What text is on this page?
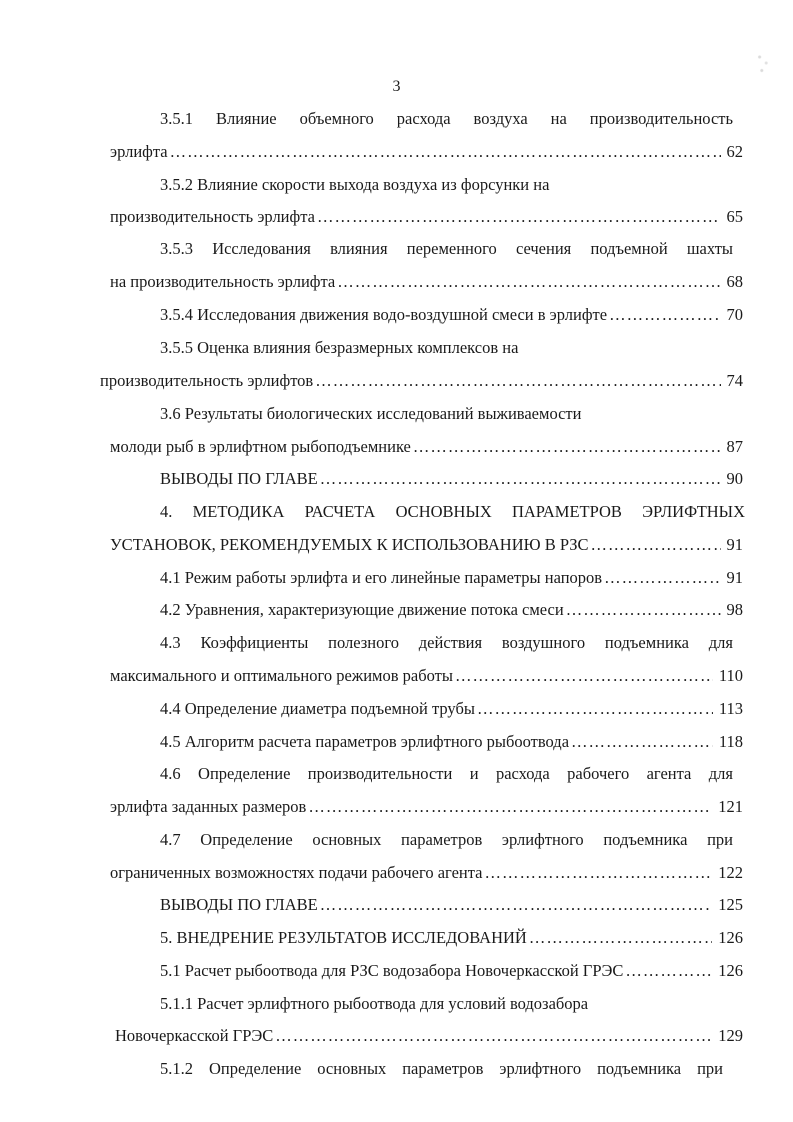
3
3.5.1 Влияние объемного расхода воздуха на производительность
эрлифта ……………………………………………………………………………………………………………………………………………………	62
3.5.2 Влияние скорости выхода воздуха из форсунки на
производительность эрлифта ……………………………………………………………………………………………………………………………………………………	65
3.5.3 Исследования влияния переменного сечения подъемной шахты
на производительность эрлифта ……………………………………………………………………………………………………………………………………………………	68
3.5.4 Исследования движения водо-воздушной смеси в эрлифте ……………………………………………………………………………………………………………………………………………………	70
3.5.5 Оценка влияния безразмерных комплексов на
производительность эрлифтов ……………………………………………………………………………………………………………………………………………………	74
3.6 Результаты биологических исследований выживаемости
молоди рыб в эрлифтном рыбоподъемнике ……………………………………………………………………………………………………………………………………………………	87
ВЫВОДЫ ПО ГЛАВЕ ……………………………………………………………………………………………………………………………………………………	90
4. МЕТОДИКА РАСЧЕТА ОСНОВНЫХ ПАРАМЕТРОВ ЭРЛИФТНЫХ
УСТАНОВОК, РЕКОМЕНДУЕМЫХ К ИСПОЛЬЗОВАНИЮ В РЗС ……………………………………………………………………………………………………………………………………………………	91
4.1 Режим работы эрлифта и его линейные параметры напоров ……………………………………………………………………………………………………………………………………………………	91
4.2 Уравнения, характеризующие движение потока смеси ……………………………………………………………………………………………………………………………………………………	98
4.3 Коэффициенты полезного действия воздушного подъемника для
максимального и оптимального режимов работы ……………………………………………………………………………………………………………………………………………………	110
4.4 Определение диаметра подъемной трубы ……………………………………………………………………………………………………………………………………………………	113
4.5 Алгоритм расчета параметров эрлифтного рыбоотвода ……………………………………………………………………………………………………………………………………………………	118
4.6 Определение производительности и расхода рабочего агента для
эрлифта заданных размеров ……………………………………………………………………………………………………………………………………………………	121
4.7 Определение основных параметров эрлифтного подъемника при
ограниченных возможностях подачи рабочего агента ……………………………………………………………………………………………………………………………………………………	122
ВЫВОДЫ ПО ГЛАВЕ ……………………………………………………………………………………………………………………………………………………	125
5. ВНЕДРЕНИЕ РЕЗУЛЬТАТОВ ИССЛЕДОВАНИЙ ……………………………………………………………………………………………………………………………………………………	126
5.1 Расчет рыбоотвода для РЗС водозабора Новочеркасской ГРЭС ……………………………………………………………………………………………………………………………………………………	126
5.1.1 Расчет эрлифтного рыбоотвода для условий водозабора
Новочеркасской ГРЭС ……………………………………………………………………………………………………………………………………………………	129
5.1.2 Определение основных параметров эрлифтного подъемника при
